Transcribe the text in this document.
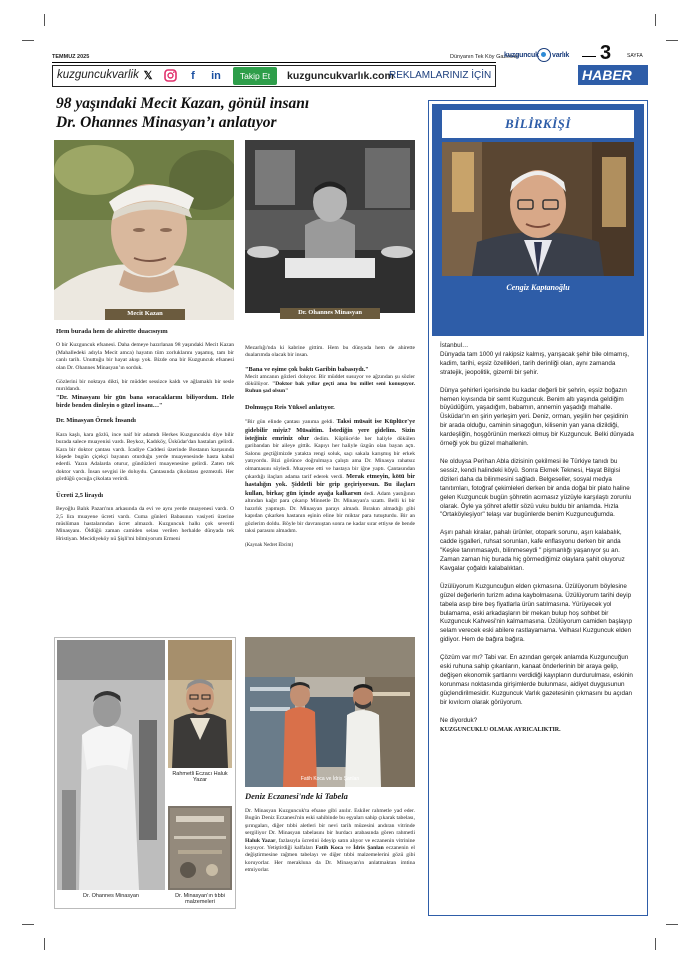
TEMMUZ 2025	Dünyanın Tek Köy Gazetesi
kuzguncuk varlık 3	SAYFA
kuzguncukvarlik 𝕏	f	in	Takip Et	kuzguncukvarlık.com
REKLAMLARINIZ İÇİN	HABER
98 yaşındaki Mecit Kazan, gönül insanı
Dr. Ohannes Minasyan’ı anlatıyor
Mecit Kazan	Dr. Ohannes Minasyan

Hem burada hem de ahirette duacısıyım

O bir Kuzguncuk efsanesi. Daha demeye hazırlanan 98 yaşındaki Mecit Kazan (Mahalledeki adıyla Mecit amca) hayatın tüm zorluklarını yaşamış, tam bir canlı tarih. Unuttuğu bir hayat akışı yok. Bizde ona bir Kuzguncuk efsanesi olan Dr. Ohannes Minasyan’ın sorduk.

Gözlerini bir noktaya dikti, bir müddet sessizce kaldı ve ağlamaklı bir sesle mırıldandı.

"Dr. Minasyanı bir gün bana soracaklarını biliyordum. Hele birde benden dinleyin o güzel insanı…"

Dr. Minasyan Örnek İnsandı

Kara kaşlı, kara gözlü, ince naif bir adamdı Herkes Kuzguncuklu diye bilir burada salece muayenisi vardı. Beykoz, Kadıköy, Üsküdar'dan hastaları gelirdi. Kara bir doktor çantası vardı. İcadiye Caddesi üzerinde Bostanın karşısında köşede bugün çiçekçi bayanın oturduğu yerde muayenesinde hasta kabul ederdi. Yazın Adalarda oturur, gündüzleri muayenesine gelirdi. Zaten tek doktor vardı. İnsan sevgisi ile doluydu. Çantasında çikolatası gezmezdi. Her gördüğü çocuğa çikolata verirdi.

Ücreti 2,5 liraydı

Beyoğlu Balık Pazarı'nın arkasında da evi ve aynı yerde muayenesi vardı. O 2,5 lira muayene ücreti vardı. Cuma günleri Babasının vasiyeti üzerine müslüman hastalarından ücret almazdı. Kuzguncuk halkı çok severdi Minasyanı. Öldüğü zaman camiden selası verilen herhalde dünyada tek Hristiyan. Mecidiyeköy nü Şişli'mi bilmiyorum Ermeni

Mezarlığı'nda ki kabrine gittim. Hem bu dünyada hem de ahirette dualarımda olacak bir insan.

"Bana ve eşime çok baktı Garibin babasıydı."

Mecit amcanın gözleri doluyor. Bir müddet susuyor ve ağzından şu sözler dökülüyor. "Doktor bak yıllar geçti ama bu millet seni konuşuyor. Ruhun şad olsun"

Dolmuşçu Reis Yüksel anlatıyor.

"Bir gün elinde çantası yanıma geldi. Taksi müsait ise Küplüce'ye gidebilir miyiz? Müsaitim. İstediğin yere gidelim. Sizin isteğiniz emriniz olur dedim. Küplüce'de her haliyle dökülen garibandan bir aileye gittik. Kapıyı her haliyle üzgün olan bayan açtı. Salonu geçtiğimizde yatakta rengi soluk, saçı sakala karışmış bir erkek yatıyordu. Bizi görünce doğrulmaya çalıştı ama Dr. Minasya rahatsız olmamasını söyledi. Muayene etti ve hastaya bir iğne yaptı. Çantasından çıkardığı ilaçları adama tarif ederek verdi. Merak etmeyin, kötü bir hastalığın yok. Şiddetli bir grip geçiriyorsun. Bu ilaçları kullan, birkaç gün içinde ayağa kalkarsın dedi. Adam yastığının altından kağıt para çıkarıp Minnetle Dr. Minasyan'a uzattı. Belli ki bir hazırlık yapmıştı. Dr. Minasyan parayı almadı. Bırakın almadığı gibi kapıdan çıkarken hastanın eşinin eline bir miktar para tutuşturdu. Bir an gözlerim doldu. Böyle bir davranıştan sonra ne kadar sırar ettiyse de bende taksi parasını almadım.

(Kaynak Nedret Ebcim)

Dr. Ohannes Minasyan
Rahmetli Eczacı Haluk Yazar
Dr. Minasyan’ın tıbbi malzemeleri
Fatih Koca ve İdris Şanlan

Deniz Eczanesi'nde ki Tabela

Dr. Minasyan Kuzguncuk'ta efsane gibi anılır. Eskiler rahmetle yad eder. Bugün Deniz Eczanesi'nin eski sahibinde bu eşyaları sahip çıkarak tabelası, şırıngaları, diğer tıbbi aletleri bir nevi tarih müzesini andıran vitrinde sergiliyor Dr. Minasyan tabelasını bir hurdacı arabasında gören rahmetli Haluk Yazar, fazlasıyla ücretini ödeyip satın alıyor ve eczanenin vitrinine koyuyor. Yetiştirdiği kalfaları Fatih Koca ve İdris Şanlan eczanenin el değiştirmesine rağmen tabelayı ve diğer tıbbi malzemelerini gözü gibi koruyorlar. Her merakluna da Dr. Minasyan'ın anlatmaktan imtina etmiyorlar.

BİLİRKİŞİ
Cengiz Kaptanoğlu

İstanbul…

Dünyada tam 1000 yıl rakipsiz kalmış, yarışacak şehir bile olmamış, kadim, tarihi, eşsiz özellikleri, tarih derinliği olan, aynı zamanda stratejik, jeopolitik, gizemli bir şehir.

Dünya şehirleri içerisinde bu kadar değerli bir şehrin, eşsiz boğazın hemen kıyısında bir semt Kuzguncuk. Benim altı yaşında geldiğim büyüdüğüm, yaşadığım, babamın, annemin yaşadığı mahalle. Üsküdar'ın en şirin yerleşim yeri. Deniz, orman, yeşilin her çeşidinin bir arada olduğu, caminin sinagoğun, kilisenin yan yana dizildiği, kardeşliğin, hoşgörünün merkezi olmuş bir Kuzguncuk. Belki dünyada örneği yok bu güzel mahallenin.

Ne olduysa Perihan Abla dizisinin çekilmesi ile Türkiye tanıdı bu sessiz, kendi halindeki köyü. Sonra Ekmek Teknesi, Hayat Bilgisi dizileri daha da bilinmesini sağladı. Belgeseller, sosyal medya tanıtımları, fotoğraf çekimleleri derken bir anda doğal bir plato haline gelen Kuzguncuk bugün şöhretin acımasız yüzüyle karşılaştı zorunlu olarak. Öyle ya şöhret afettir sözü vuku buldu bir anlamda. Hızla "Ortaköyleşiyor" telaşı var bugünlerde benim Kuzguncuğumda.

Aşırı pahalı kiralar, pahalı ürünler, otopark sorunu, aşırı kalabalık, cadde işgalleri, ruhsat sorunları, kafe enflasyonu derken bir anda "Keşke tanınmasaydı, bilinmeseydi " pişmanlığı yaşanıyor şu an. Zaman zaman hiç burada hiç görmediğimiz olaylara şahit oluyoruz Kavgalar çoğaldı kalabalıktan.

Üzülüyorum Kuzguncuğun elden çıkmasına. Üzülüyorum böylesine güzel değerlerin turizm adına kaybolmasına. Üzülüyorum tarihi deyip tabela asıp bire beş fiyatlarla ürün satılmasına. Yürüyecek yol bulamama, eski arkadaşların bir mekan bulup hoş sohbet bir Kuzguncuk Kahvesi'nin kalmamasına. Üzülüyorum camiden başlayıp selam verecek eski abilere rastlayamama. Velhasıl Kuzguncuk elden gidiyor. Hem de bağıra bağıra.

Çözüm var mı? Tabi var. En azından gerçek anlamda Kuzguncuğun eski ruhuna sahip çıkanların, kanaat önderlerinin bir araya gelip, değişen ekonomik şartlarını verdidiği kayıpların durdurulması, eskinin korunması noktasında girişimlerde bulunması, aidiyet duygusunun güçlendirilmesidir. Kuzguncuk Varlık gazetesinin çıkmasını bu açıdan bir kıvılcım olarak görüyorum.

Ne diyorduk?

KUZGUNCUKLU OLMAK AYRICALIKTIR.
